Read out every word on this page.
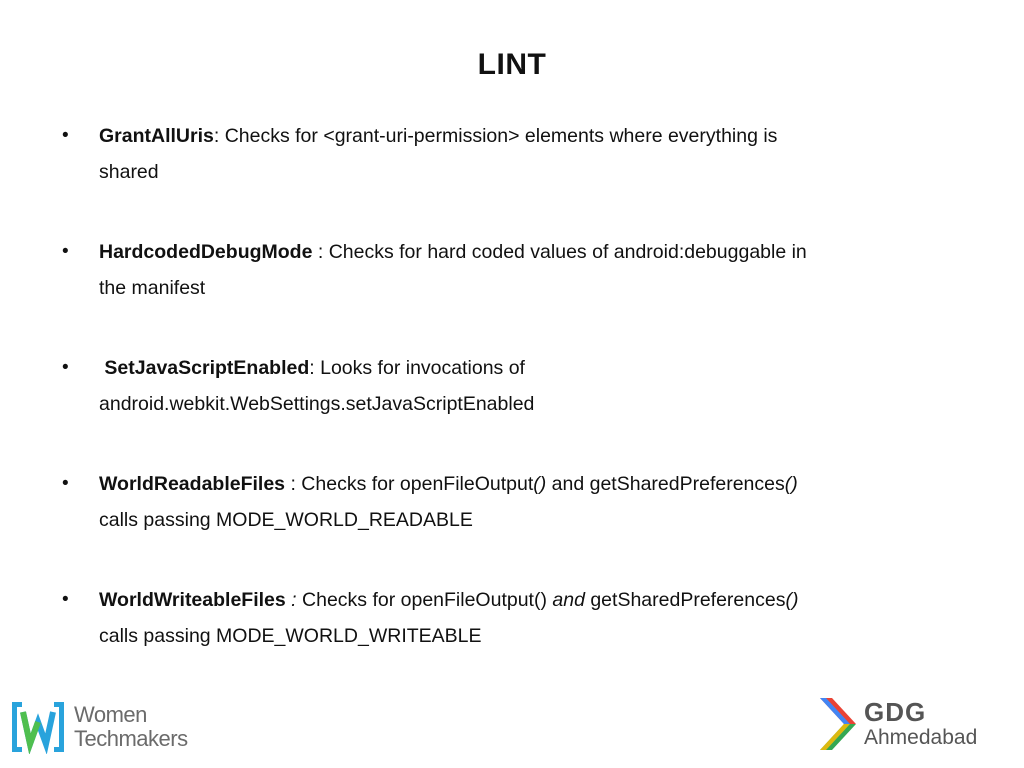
LINT
• GrantAllUris: Checks for <grant-uri-permission> elements where everything is
shared
• HardcodedDebugMode : Checks for hard coded values of android:debuggable in
the manifest
• SetJavaScriptEnabled: Looks for invocations of
android.webkit.WebSettings.setJavaScriptEnabled
• WorldReadableFiles : Checks for openFileOutput() and getSharedPreferences()
calls passing MODE_WORLD_READABLE
• WorldWriteableFiles : Checks for openFileOutput() and getSharedPreferences()
calls passing MODE_WORLD_WRITEABLE
Women
Techmakers
GDG
Ahmedabad
